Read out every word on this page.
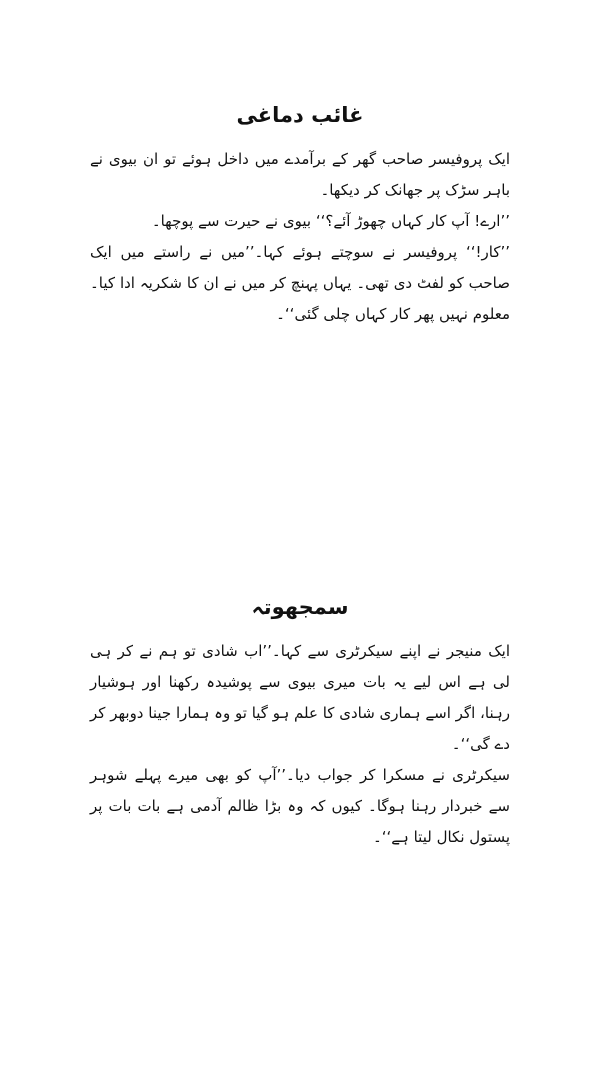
غائب دماغی

ایک پروفیسر صاحب گھر کے برآمدے میں داخل ہوئے تو ان بیوی نے باہر سڑک پر جھانک کر دیکھا۔

’’ارے! آپ کار کہاں چھوڑ آئے؟‘‘ بیوی نے حیرت سے پوچھا۔

’’کار!‘‘ پروفیسر نے سوچتے ہوئے کہا۔’’میں نے راستے میں ایک صاحب کو لفٹ دی تھی۔ یہاں پہنچ کر میں نے ان کا شکریہ ادا کیا۔ معلوم نہیں پھر کار کہاں چلی گئی‘‘۔

سمجھوتہ

ایک منیجر نے اپنے سیکرٹری سے کہا۔’’اب شادی تو ہم نے کر ہی لی ہے اس لیے یہ بات میری بیوی سے پوشیدہ رکھنا اور ہوشیار رہنا، اگر اسے ہماری شادی کا علم ہو گیا تو وہ ہمارا جینا دوبھر کر دے گی‘‘۔

سیکرٹری نے مسکرا کر جواب دیا۔’’آپ کو بھی میرے پہلے شوہر سے خبردار رہنا ہوگا۔ کیوں کہ وہ بڑا ظالم آدمی ہے بات بات پر پستول نکال لیتا ہے‘‘۔
